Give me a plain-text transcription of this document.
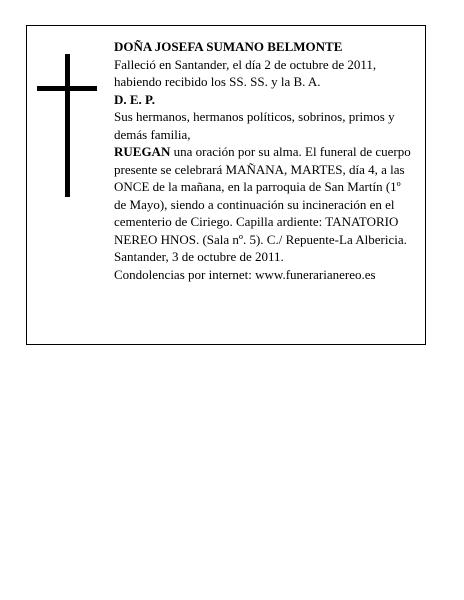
DOÑA JOSEFA SUMANO BELMONTE

Falleció en Santander, el día 2 de octubre de 2011, habiendo recibido los SS. SS. y la B. A.

D. E. P.

Sus hermanos, hermanos políticos, sobrinos, primos y demás familia,

RUEGAN una oración por su alma. El funeral de cuerpo presente se celebrará MAÑANA, MARTES, día 4, a las ONCE de la mañana, en la parroquia de San Martín (1º de Mayo), siendo a continuación su incineración en el cementerio de Ciriego. Capilla ardiente: TANATORIO NEREO HNOS. (Sala nº. 5). C./ Repuente-La Albericia.

Santander, 3 de octubre de 2011.

Condolencias por internet: www.funerarianereo.es
